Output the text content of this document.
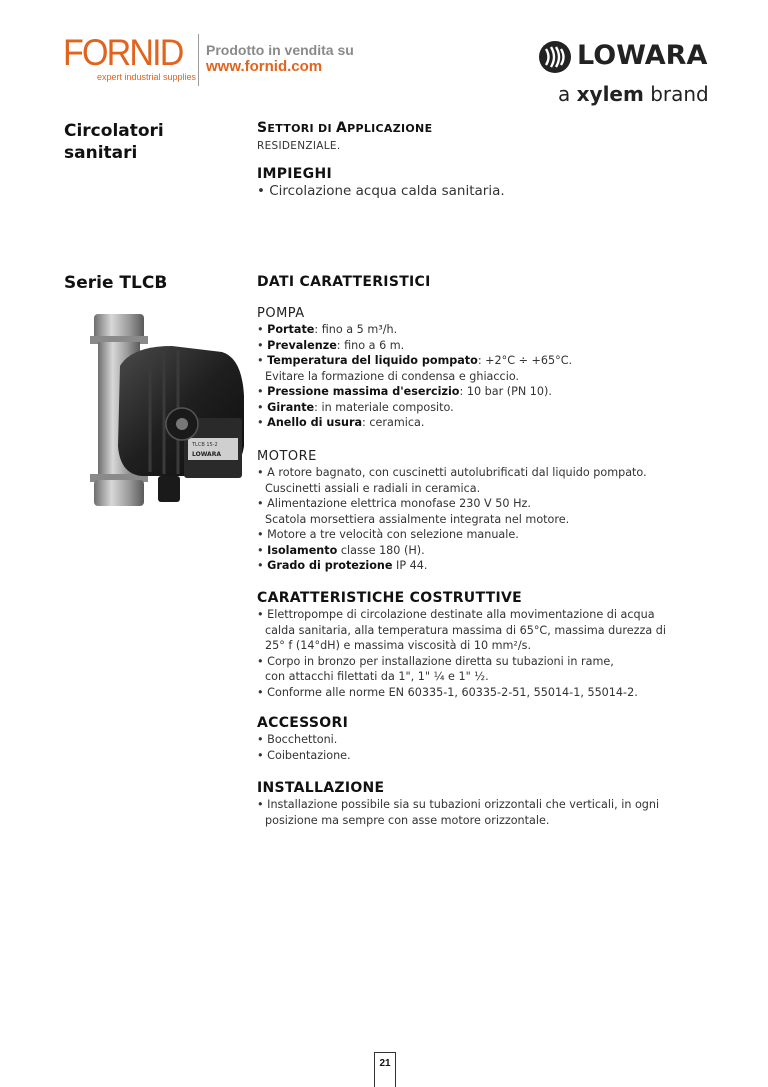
FORNID
expert industrial supplies
Prodotto in vendita su
www.fornid.com	LOWARA
a xylem brand
Circolatori
sanitari
Serie TLCB
TLCB 15-2
LOWARA
SETTORI DI APPLICAZIONE
RESIDENZIALE.
IMPIEGHI
• Circolazione acqua calda sanitaria.
DATI CARATTERISTICI
POMPA
• Portate: fino a 5 m³/h.
• Prevalenze: fino a 6 m.
• Temperatura del liquido pompato: +2°C ÷ +65°C.
Evitare la formazione di condensa e ghiaccio.
• Pressione massima d'esercizio: 10 bar (PN 10).
• Girante: in materiale composito.
• Anello di usura: ceramica.
MOTORE
• A rotore bagnato, con cuscinetti autolubrificati dal liquido pompato.
Cuscinetti assiali e radiali in ceramica.
• Alimentazione elettrica monofase 230 V 50 Hz.
Scatola morsettiera assialmente integrata nel motore.
• Motore a tre velocità con selezione manuale.
• Isolamento classe 180 (H).
• Grado di protezione IP 44.
CARATTERISTICHE COSTRUTTIVE
• Elettropompe di circolazione destinate alla movimentazione di acqua
calda sanitaria, alla temperatura massima di 65°C, massima durezza di
25° f (14°dH) e massima viscosità di 10 mm²/s.
• Corpo in bronzo per installazione diretta su tubazioni in rame,
con attacchi filettati da 1", 1" ¼ e 1" ½.
• Conforme alle norme EN 60335-1, 60335-2-51, 55014-1, 55014-2.
ACCESSORI
• Bocchettoni.
• Coibentazione.
INSTALLAZIONE
• Installazione possibile sia su tubazioni orizzontali che verticali, in ogni
posizione ma sempre con asse motore orizzontale.
21
